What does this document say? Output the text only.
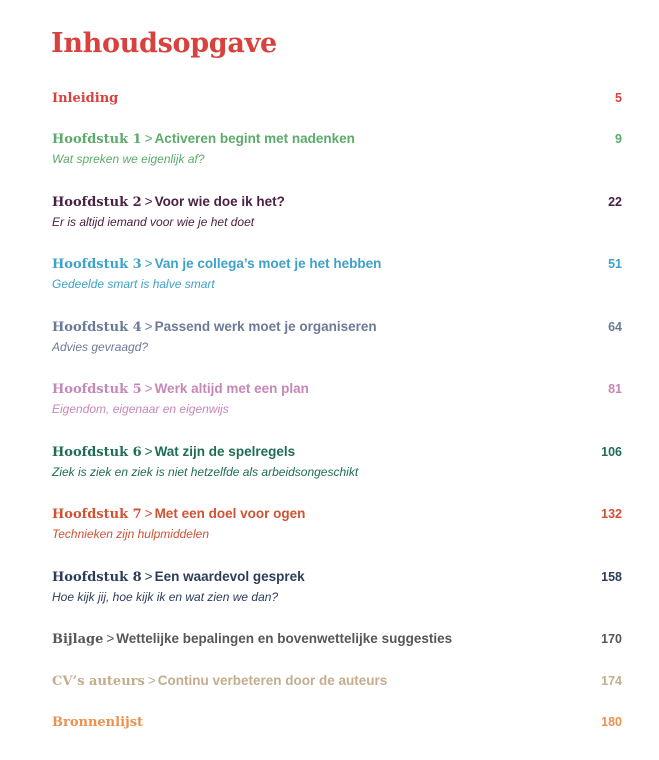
Inhoudsopgave
Inleiding	5
Hoofdstuk 1 > Activeren begint met nadenken	9
Wat spreken we eigenlijk af?
Hoofdstuk 2 > Voor wie doe ik het?	22
Er is altijd iemand voor wie je het doet
Hoofdstuk 3 > Van je collega’s moet je het hebben	51
Gedeelde smart is halve smart
Hoofdstuk 4 > Passend werk moet je organiseren	64
Advies gevraagd?
Hoofdstuk 5 > Werk altijd met een plan	81
Eigendom, eigenaar en eigenwijs
Hoofdstuk 6 > Wat zijn de spelregels	106
Ziek is ziek en ziek is niet hetzelfde als arbeidsongeschikt
Hoofdstuk 7 > Met een doel voor ogen	132
Technieken zijn hulpmiddelen
Hoofdstuk 8 > Een waardevol gesprek	158
Hoe kijk jij, hoe kijk ik en wat zien we dan?
Bijlage > Wettelijke bepalingen en bovenwettelijke suggesties	170
CV’s auteurs > Continu verbeteren door de auteurs	174
Bronnenlijst	180
